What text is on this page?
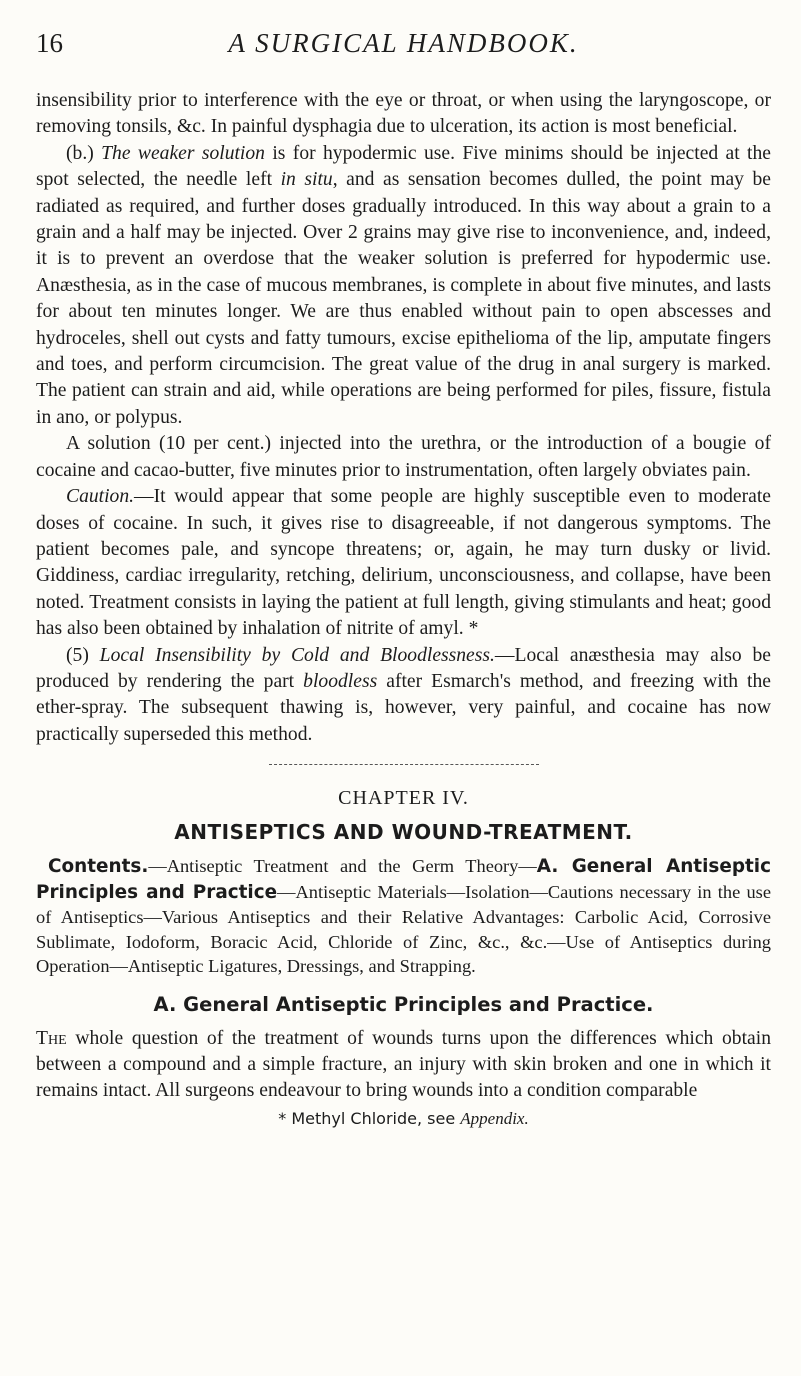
16	A SURGICAL HANDBOOK.

insensibility prior to interference with the eye or throat, or when using the laryngoscope, or removing tonsils, &c. In painful dysphagia due to ulceration, its action is most beneficial.

(b.) The weaker solution is for hypodermic use. Five minims should be injected at the spot selected, the needle left in situ, and as sensation becomes dulled, the point may be radiated as required, and further doses gradually introduced. In this way about a grain to a grain and a half may be injected. Over 2 grains may give rise to inconvenience, and, indeed, it is to prevent an overdose that the weaker solution is preferred for hypodermic use. Anæsthesia, as in the case of mucous membranes, is complete in about five minutes, and lasts for about ten minutes longer. We are thus enabled without pain to open abscesses and hydroceles, shell out cysts and fatty tumours, excise epithelioma of the lip, amputate fingers and toes, and perform circumcision. The great value of the drug in anal surgery is marked. The patient can strain and aid, while operations are being performed for piles, fissure, fistula in ano, or polypus.

A solution (10 per cent.) injected into the urethra, or the introduction of a bougie of cocaine and cacao-butter, five minutes prior to instrumentation, often largely obviates pain.

Caution.—It would appear that some people are highly susceptible even to moderate doses of cocaine. In such, it gives rise to disagreeable, if not dangerous symptoms. The patient becomes pale, and syncope threatens; or, again, he may turn dusky or livid. Giddiness, cardiac irregularity, retching, delirium, unconsciousness, and collapse, have been noted. Treatment consists in laying the patient at full length, giving stimulants and heat; good has also been obtained by inhalation of nitrite of amyl. *

(5) Local Insensibility by Cold and Bloodlessness.—Local anæsthesia may also be produced by rendering the part bloodless after Esmarch's method, and freezing with the ether-spray. The subsequent thawing is, however, very painful, and cocaine has now practically superseded this method.

CHAPTER IV.
ANTISEPTICS AND WOUND-TREATMENT.

Contents.—Antiseptic Treatment and the Germ Theory—A. General Antiseptic Principles and Practice—Antiseptic Materials—Isolation—Cautions necessary in the use of Antiseptics—Various Antiseptics and their Relative Advantages: Carbolic Acid, Corrosive Sublimate, Iodoform, Boracic Acid, Chloride of Zinc, &c., &c.—Use of Antiseptics during Operation—Antiseptic Ligatures, Dressings, and Strapping.

A. General Antiseptic Principles and Practice.

The whole question of the treatment of wounds turns upon the differences which obtain between a compound and a simple fracture, an injury with skin broken and one in which it remains intact. All surgeons endeavour to bring wounds into a condition comparable

* Methyl Chloride, see Appendix.
